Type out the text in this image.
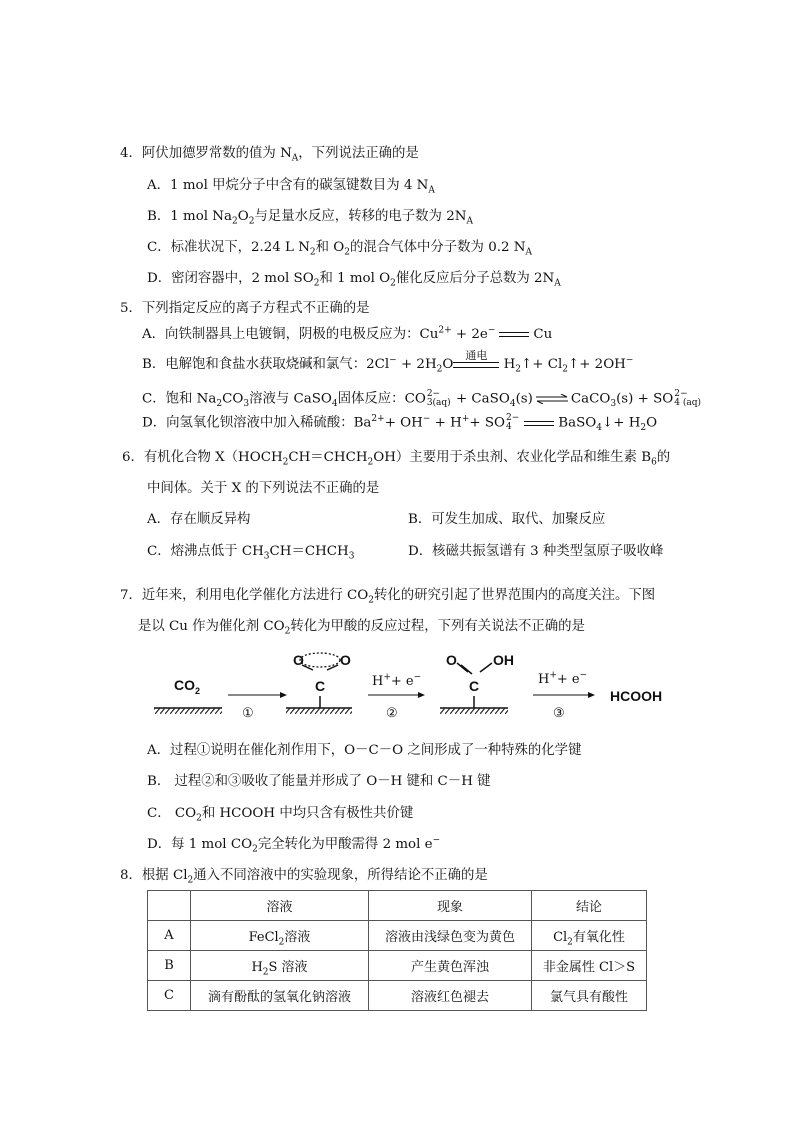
4．阿伏加德罗常数的值为 $N_A$，下列说法正确的是
A．1 mol 甲烷分子中含有的碳氢键数目为 4 $N_A$
B．1 mol $Na_2O_2$与足量水反应，转移的电子数为 $2N_A$
C．标准状况下，2.24 L $N_2$和 $O_2$的混合气体中分子数为 0.2 $N_A$
D．密闭容器中，2 mol $SO_2$和 1 mol $O_2$催化反应后分子总数为 $2N_A$
5．下列指定反应的离子方程式不正确的是
A．向铁制器具上电镀铜，阴极的电极反应为：$Cu^{2+} + 2e^-$	Cu
B．电解饱和食盐水获取烧碱和氯气：$2Cl^- + 2H_2O$
通电
$H_2↑+$ $Cl_2↑+ 2OH^-$
C．饱和 $Na_2CO_3$溶液与 CaSO$_4$固体反应：CO 2−
3(aq) + CaSO$_4$(s) ⇌ CaCO$_3$(s) + SO 2−
4 (aq)
D．向氢氧化钡溶液中加入稀硫酸：$Ba^{2+}+ OH^- + H^++$ SO 2−
4	BaSO$_4$↓+ $H_2O$
6．有机化合物 $X(HOCH_2CH=CHCH_2OH)$主要用于杀虫剂、农业化学品和维生素 $B_6$的
中间体。关于 X 的下列说法不正确的是
A．存在顺反异构	B．可发生加成、取代、加聚反应
C．熔沸点低于 $CH_3CH=CHCH_3$	D．核磁共振氢谱有 3 种类型氢原子吸收峰
7．近年来，利用电化学催化方法进行 $CO_2$转化的研究引起了世界范围内的高度关注。下图
是以 Cu 作为催化剂 $CO_2$转化为甲酸的反应过程，下列有关说法不正确的是
$CO_2$
O	O
C
O	OH
C
H++ e−	H++ e−
①	②	③
HCOOH
A．过程①说明在催化剂作用下，O－C－O 之间形成了一种特殊的化学键
B． 过程②和③吸收了能量并形成了 O－H 键和 C－H 键
C． $CO_2$和 HCOOH 中均只含有极性共价键
D．每 1 mol $CO_2$完全转化为甲酸需得 2 mol e−
8．根据 $Cl_2$通入不同溶液中的实验现象，所得结论不正确的是
	溶液	现象	结论
A	FeCl$_2$溶液	溶液由浅绿色变为黄色	$Cl_2$有氧化性
B	$H_2S$ 溶液	产生黄色浑浊	非金属性 Cl＞S
C	滴有酚酞的氢氧化钠溶液	溶液红色褪去	氯气具有酸性
